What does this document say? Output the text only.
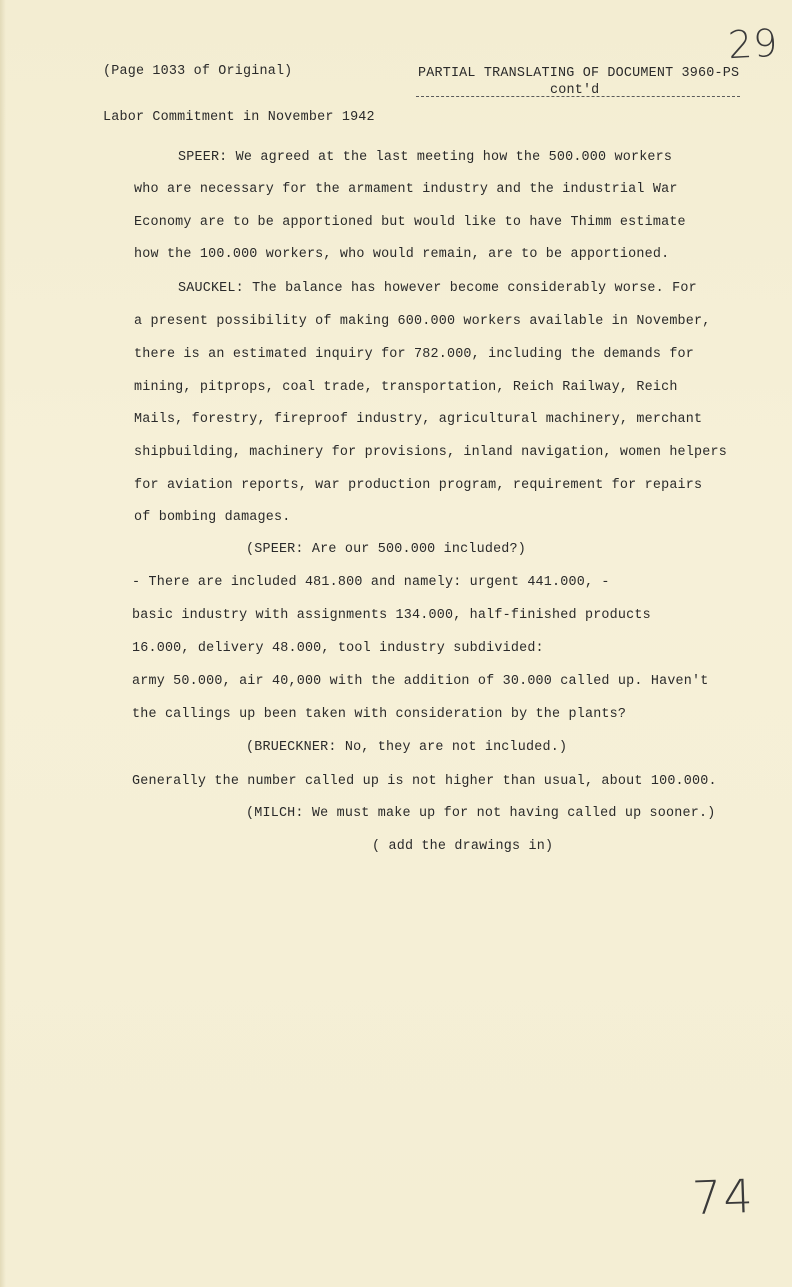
29
(Page 1033 of Original)	PARTIAL TRANSLATING OF DOCUMENT 3960-PS
cont'd
Labor Commitment in November 1942
SPEER: We agreed at the last meeting how the 500.000 workers
who are necessary for the armament industry and the industrial War
Economy are to be apportioned but would like to have Thimm estimate
how the 100.000 workers, who would remain, are to be apportioned.
SAUCKEL: The balance has however become considerably worse. For
a present possibility of making 600.000 workers available in November,
there is an estimated inquiry for 782.000, including the demands for
mining, pitprops, coal trade, transportation, Reich Railway, Reich
Mails, forestry, fireproof industry, agricultural machinery, merchant
shipbuilding, machinery for provisions, inland navigation, women helpers
for aviation reports, war production program, requirement for repairs
of bombing damages.
(SPEER: Are our 500.000 included?)
- There are included 481.800 and namely: urgent 441.000, -
basic industry with assignments 134.000, half-finished products
16.000, delivery 48.000, tool industry subdivided:
army 50.000, air 40,000 with the addition of 30.000 called up. Haven't
the callings up been taken with consideration by the plants?
(BRUECKNER: No, they are not included.)
Generally the number called up is not higher than usual, about 100.000.
(MILCH: We must make up for not having called up sooner.)
( add the drawings in)
74
